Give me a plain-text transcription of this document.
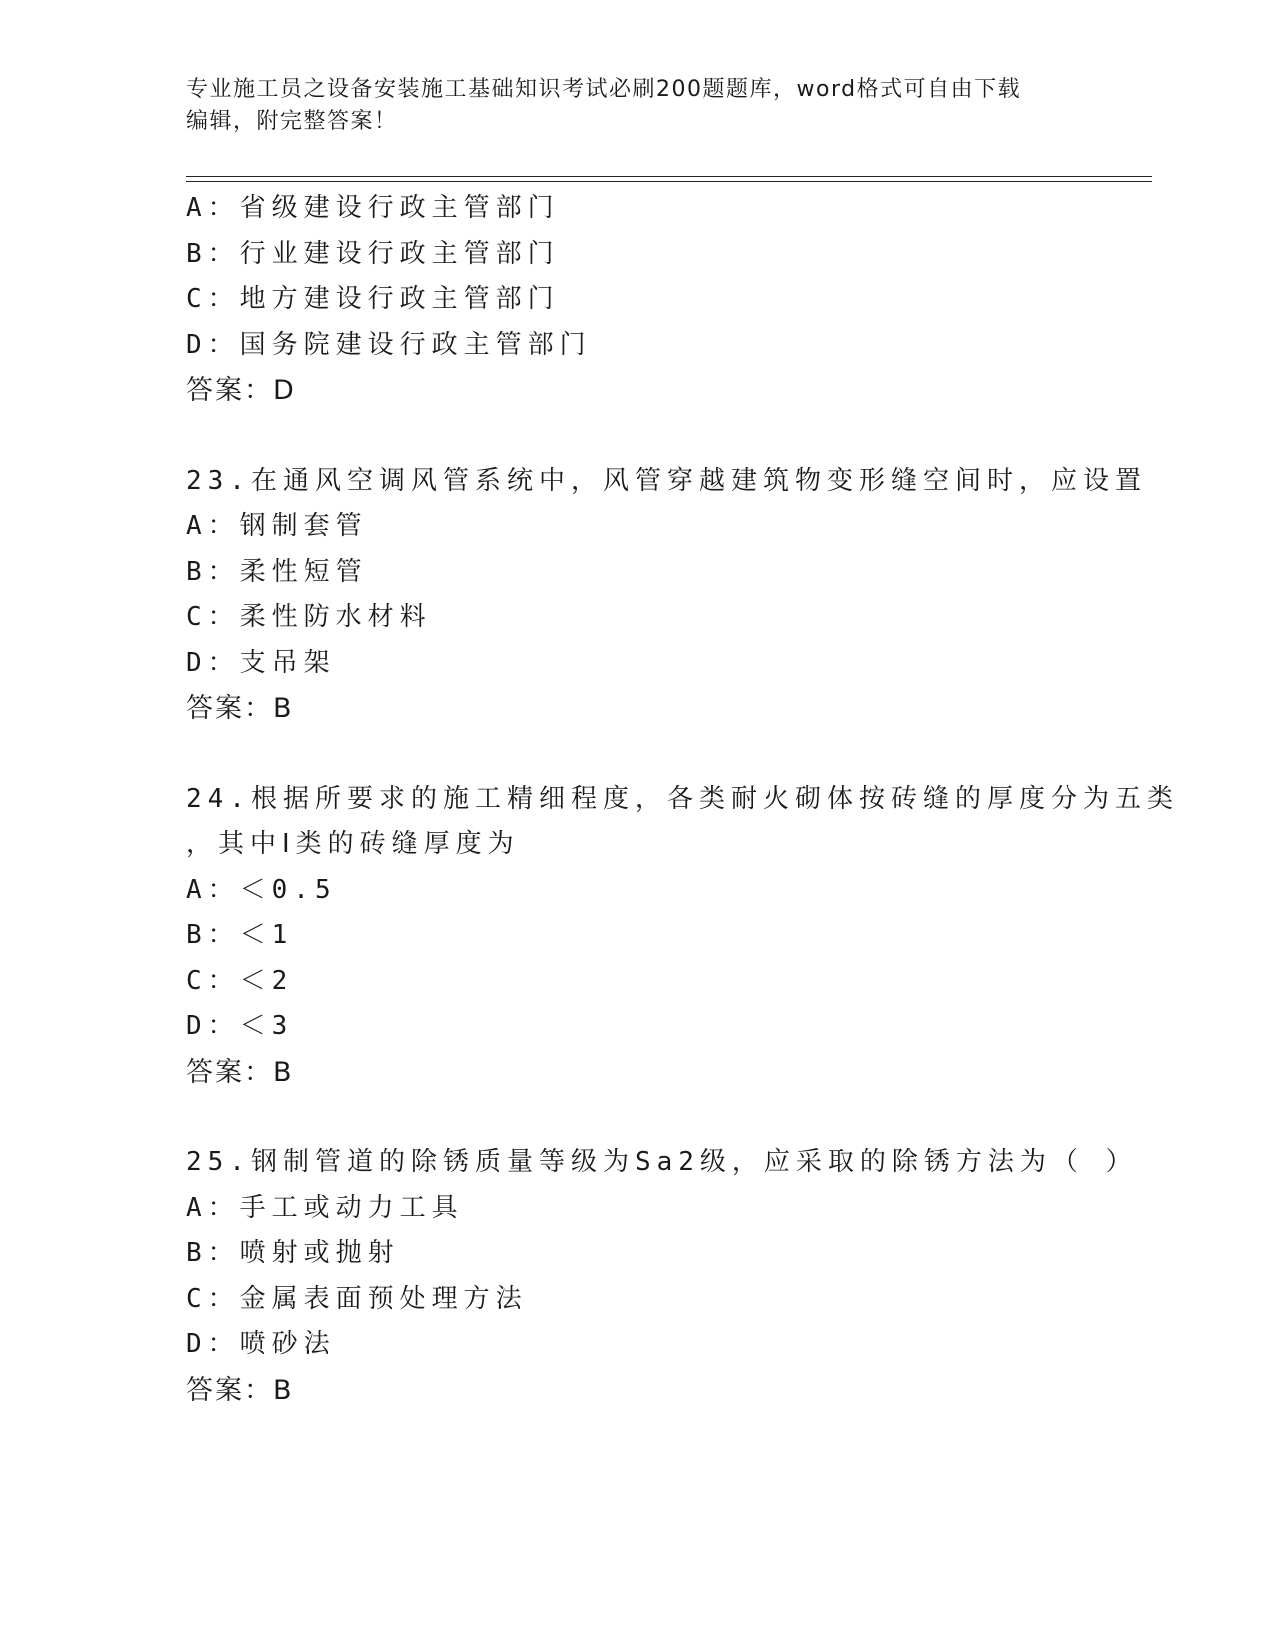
专业施工员之设备安装施工基础知识考试必刷200题题库，word格式可自由下载
编辑，附完整答案！
A：省级建设行政主管部门
B：行业建设行政主管部门
C：地方建设行政主管部门
D：国务院建设行政主管部门
答案：D
23.在通风空调风管系统中，风管穿越建筑物变形缝空间时，应设置
A：钢制套管
B：柔性短管
C：柔性防水材料
D：支吊架
答案：B
24.根据所要求的施工精细程度，各类耐火砌体按砖缝的厚度分为五类
，其中Ⅰ类的砖缝厚度为
A：＜0.5
B：＜1
C：＜2
D：＜3
答案：B
25.钢制管道的除锈质量等级为Sa2级，应采取的除锈方法为（ ）
A：手工或动力工具
B：喷射或抛射
C：金属表面预处理方法
D：喷砂法
答案：B
